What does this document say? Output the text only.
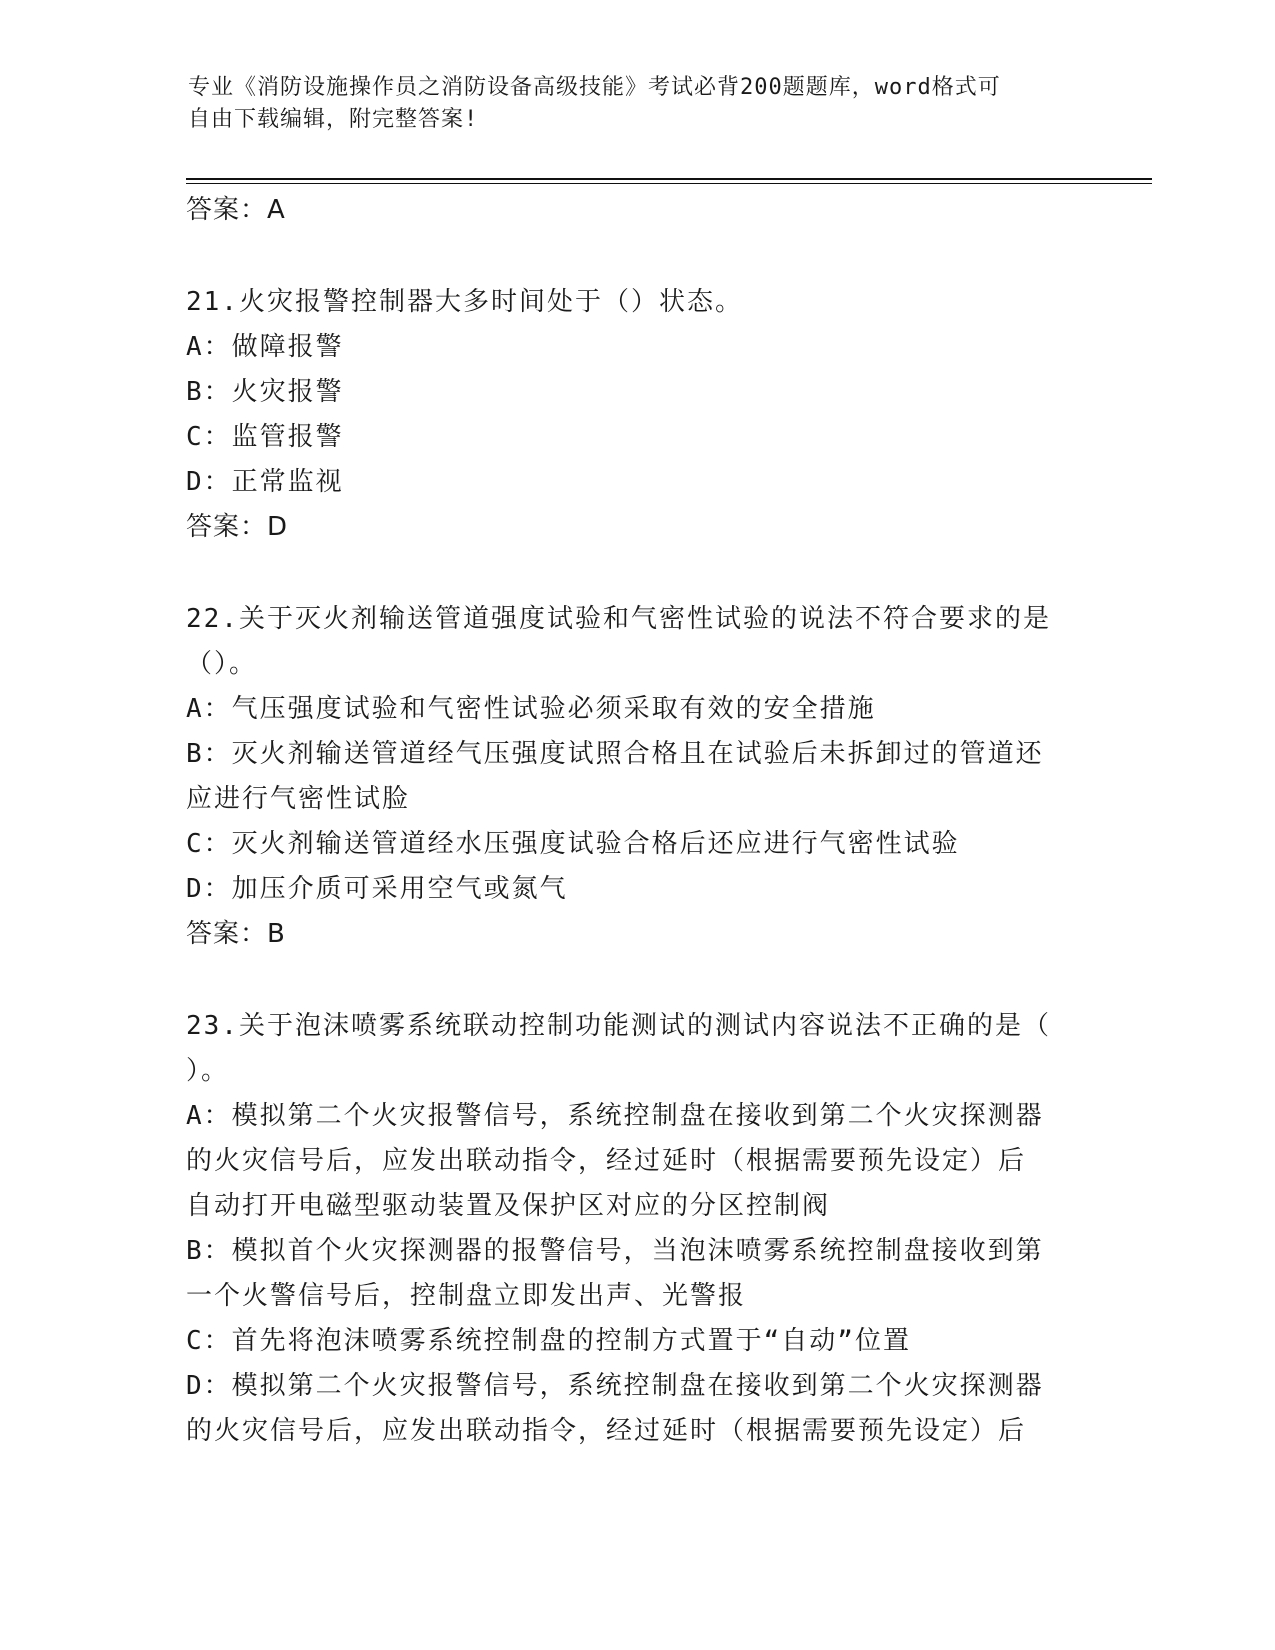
专业《消防设施操作员之消防设备高级技能》考试必背200题题库，word格式可
自由下载编辑，附完整答案!
答案：A
21.火灾报警控制器大多时间处于（）状态。
A：做障报警
B：火灾报警
C：监管报警
D：正常监视
答案：D
22.关于灭火剂输送管道强度试验和气密性试验的说法不符合要求的是
（）。
A：气压强度试验和气密性试验必须采取有效的安全措施
B：灭火剂输送管道经气压强度试照合格且在试验后未拆卸过的管道还
应进行气密性试脸
C：灭火剂输送管道经水压强度试验合格后还应进行气密性试验
D：加压介质可采用空气或氮气
答案：B
23.关于泡沫喷雾系统联动控制功能测试的测试内容说法不正确的是（
）。
A：模拟第二个火灾报警信号，系统控制盘在接收到第二个火灾探测器
的火灾信号后，应发出联动指令，经过延时（根据需要预先设定）后
自动打开电磁型驱动装置及保护区对应的分区控制阀
B：模拟首个火灾探测器的报警信号，当泡沫喷雾系统控制盘接收到第
一个火警信号后，控制盘立即发出声、光警报
C：首先将泡沫喷雾系统控制盘的控制方式置于“自动”位置
D：模拟第二个火灾报警信号，系统控制盘在接收到第二个火灾探测器
的火灾信号后，应发出联动指令，经过延时（根据需要预先设定）后
